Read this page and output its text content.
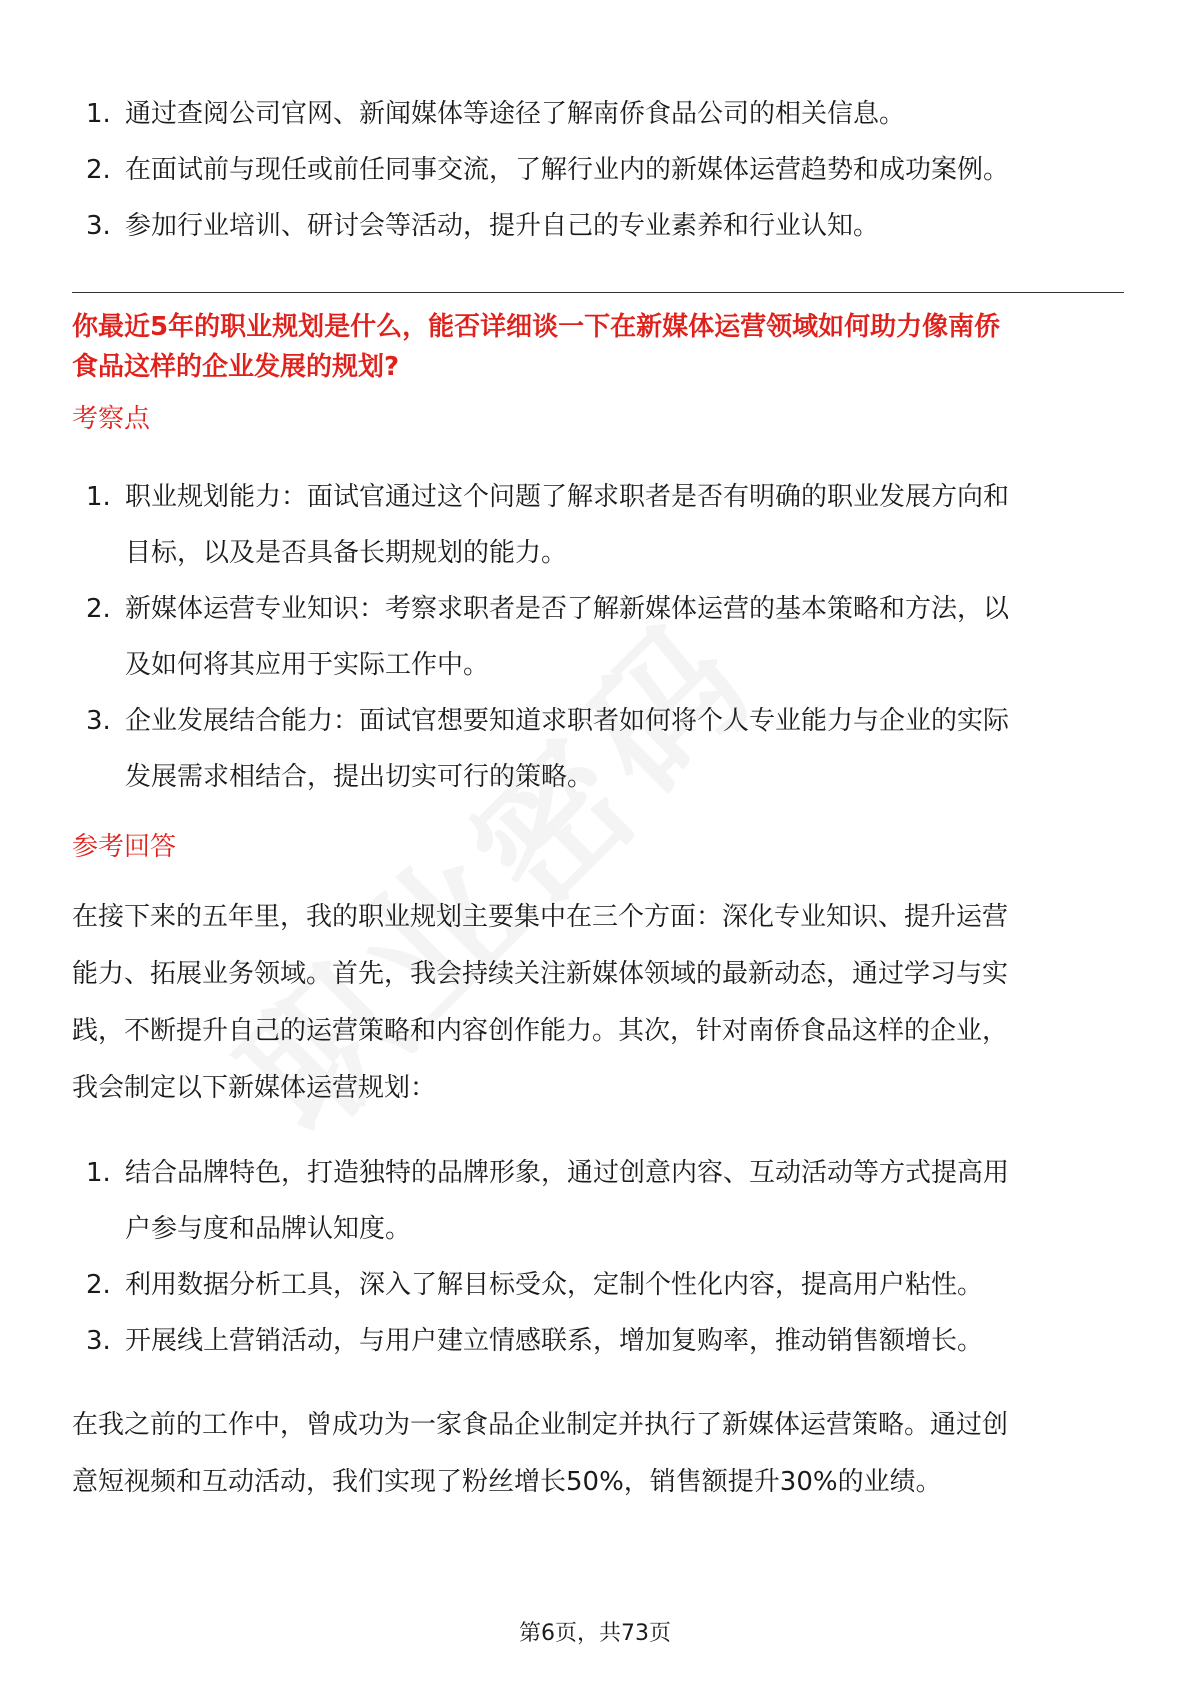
1. 通过查阅公司官网、新闻媒体等途径了解南侨食品公司的相关信息。
2. 在面试前与现任或前任同事交流，了解行业内的新媒体运营趋势和成功案例。
3. 参加行业培训、研讨会等活动，提升自己的专业素养和行业认知。
你最近5年的职业规划是什么，能否详细谈一下在新媒体运营领域如何助力像南侨
食品这样的企业发展的规划?
考察点
1. 职业规划能力：面试官通过这个问题了解求职者是否有明确的职业发展方向和
目标，以及是否具备长期规划的能力。
2. 新媒体运营专业知识：考察求职者是否了解新媒体运营的基本策略和方法，以
及如何将其应用于实际工作中。
3. 企业发展结合能力：面试官想要知道求职者如何将个人专业能力与企业的实际
发展需求相结合，提出切实可行的策略。
参考回答
在接下来的五年里，我的职业规划主要集中在三个方面：深化专业知识、提升运营
能力、拓展业务领域。首先，我会持续关注新媒体领域的最新动态，通过学习与实
践，不断提升自己的运营策略和内容创作能力。其次，针对南侨食品这样的企业，
我会制定以下新媒体运营规划：
1. 结合品牌特色，打造独特的品牌形象，通过创意内容、互动活动等方式提高用
户参与度和品牌认知度。
2. 利用数据分析工具，深入了解目标受众，定制个性化内容，提高用户粘性。
3. 开展线上营销活动，与用户建立情感联系，增加复购率，推动销售额增长。
在我之前的工作中，曾成功为一家食品企业制定并执行了新媒体运营策略。通过创
意短视频和互动活动，我们实现了粉丝增长50%，销售额提升30%的业绩。
第6页，共73页
